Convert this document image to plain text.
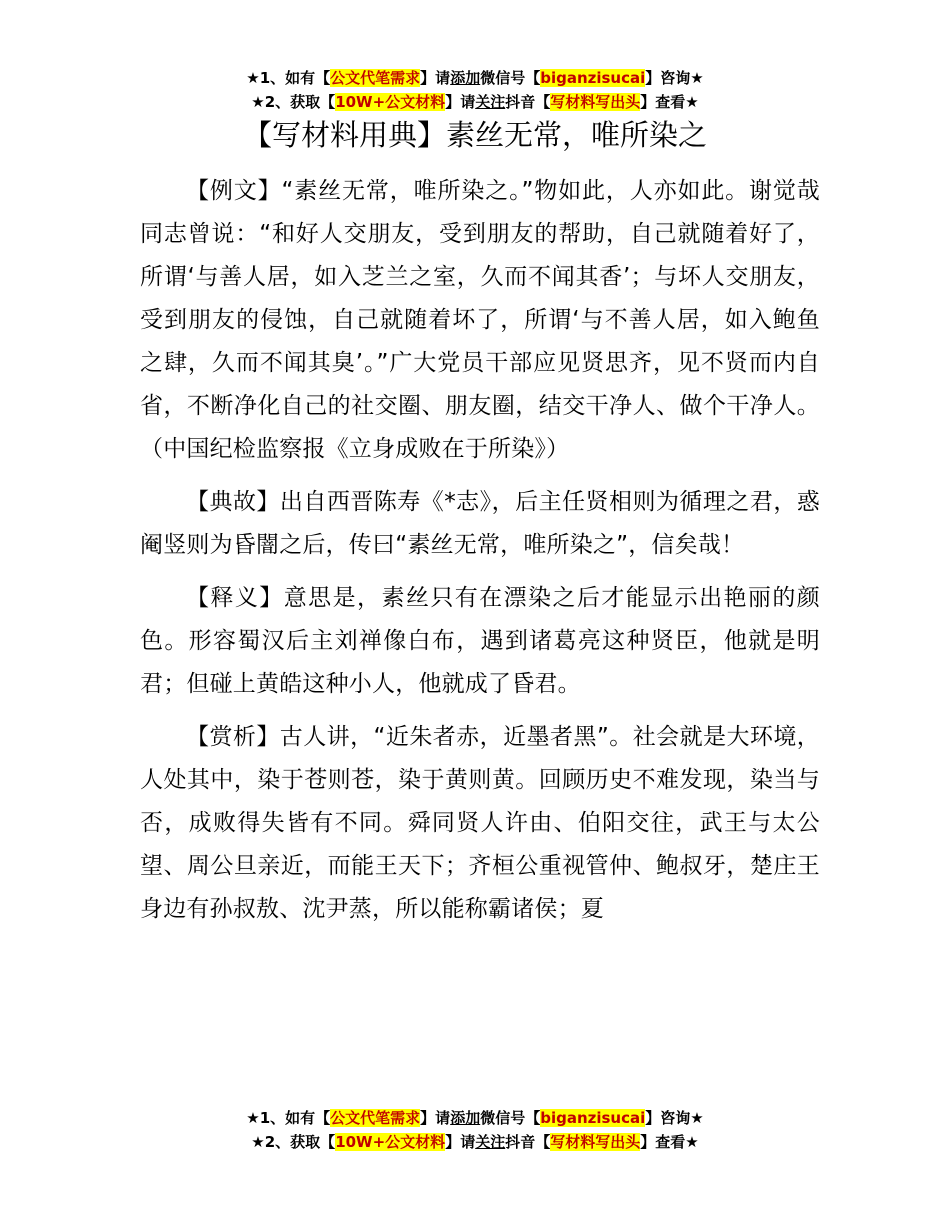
★1、如有【公文代笔需求】请添加微信号【biganzisucai】咨询★
★2、获取【10W+公文材料】请关注抖音【写材料写出头】查看★
【写材料用典】素丝无常，唯所染之

【例文】“素丝无常，唯所染之。”物如此，人亦如此。谢觉哉同志曾说：“和好人交朋友，受到朋友的帮助，自己就随着好了，所谓‘与善人居，如入芝兰之室，久而不闻其香’；与坏人交朋友，受到朋友的侵蚀，自己就随着坏了，所谓‘与不善人居，如入鲍鱼之肆，久而不闻其臭’。”广大党员干部应见贤思齐，见不贤而内自省，不断净化自己的社交圈、朋友圈，结交干净人、做个干净人。（中国纪检监察报《立身成败在于所染》）

【典故】出自西晋陈寿《*志》，后主任贤相则为循理之君，惑阉竖则为昏闇之后，传曰“素丝无常，唯所染之”，信矣哉！

【释义】意思是，素丝只有在漂染之后才能显示出艳丽的颜色。形容蜀汉后主刘禅像白布，遇到诸葛亮这种贤臣，他就是明君；但碰上黄皓这种小人，他就成了昏君。

【赏析】古人讲，“近朱者赤，近墨者黑”。社会就是大环境，人处其中，染于苍则苍，染于黄则黄。回顾历史不难发现，染当与否，成败得失皆有不同。舜同贤人许由、伯阳交往，武王与太公望、周公旦亲近，而能王天下；齐桓公重视管仲、鲍叔牙，楚庄王身边有孙叔敖、沈尹蒸，所以能称霸诸侯；夏

★1、如有【公文代笔需求】请添加微信号【biganzisucai】咨询★
★2、获取【10W+公文材料】请关注抖音【写材料写出头】查看★
